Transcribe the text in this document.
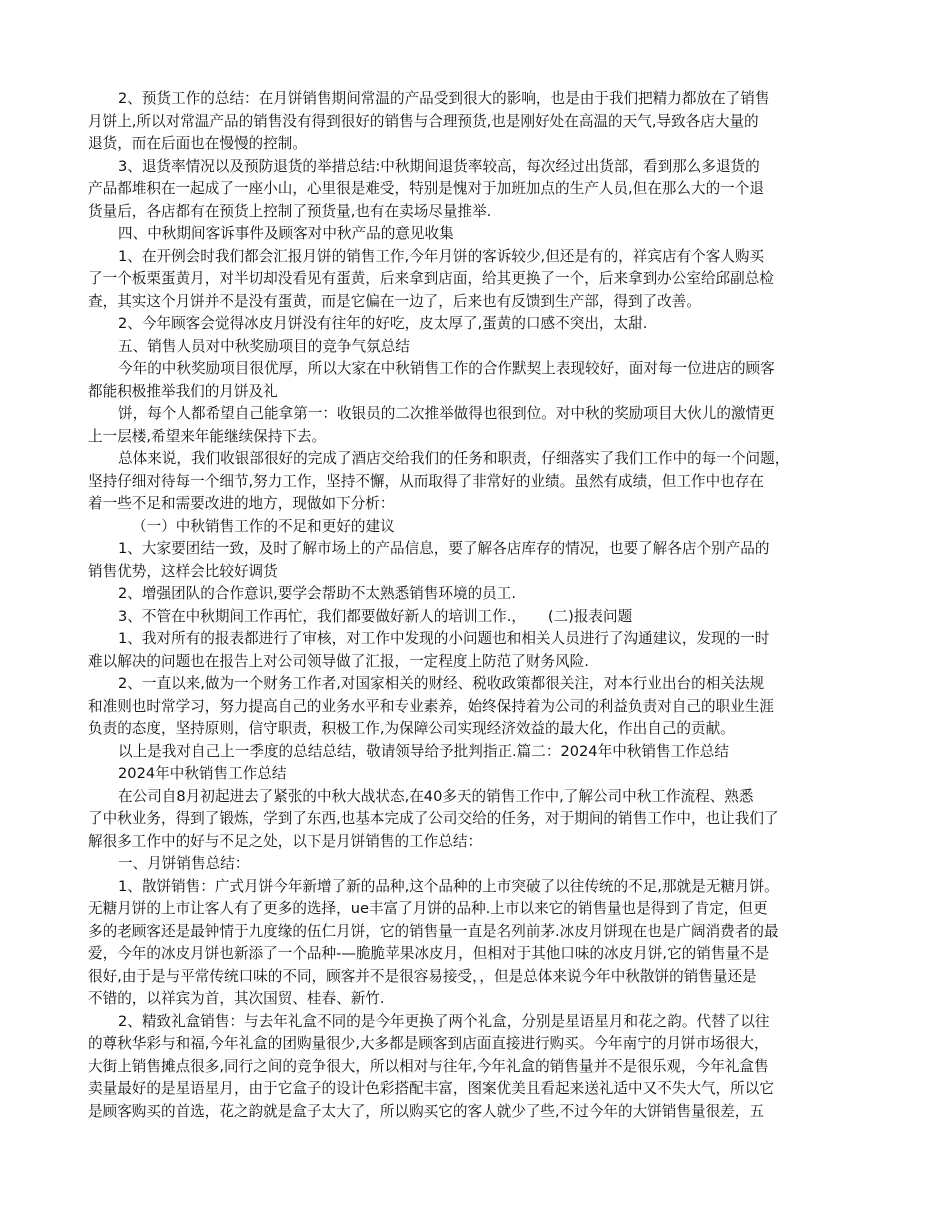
2、预货工作的总结：在月饼销售期间常温的产品受到很大的影响，也是由于我们把精力都放在了销售
月饼上,所以对常温产品的销售没有得到很好的销售与合理预货,也是刚好处在高温的天气,导致各店大量的
退货，而在后面也在慢慢的控制。
3、退货率情况以及预防退货的举措总结:中秋期间退货率较高，每次经过出货部，看到那么多退货的
产品都堆积在一起成了一座小山，心里很是难受，特别是愧对于加班加点的生产人员,但在那么大的一个退
货量后，各店都有在预货上控制了预货量,也有在卖场尽量推举.
四、中秋期间客诉事件及顾客对中秋产品的意见收集
1、在开例会时我们都会汇报月饼的销售工作,今年月饼的客诉较少,但还是有的，祥宾店有个客人购买
了一个板栗蛋黄月，对半切却没看见有蛋黄，后来拿到店面，给其更换了一个，后来拿到办公室给邱副总检
查，其实这个月饼并不是没有蛋黄，而是它偏在一边了，后来也有反馈到生产部，得到了改善。
2、今年顾客会觉得冰皮月饼没有往年的好吃，皮太厚了,蛋黄的口感不突出，太甜.
五、销售人员对中秋奖励项目的竞争气氛总结
今年的中秋奖励项目很优厚，所以大家在中秋销售工作的合作默契上表现较好，面对每一位进店的顾客
都能积极推举我们的月饼及礼
饼，每个人都希望自己能拿第一：收银员的二次推举做得也很到位。对中秋的奖励项目大伙儿的激情更
上一层楼,希望来年能继续保持下去。
总体来说，我们收银部很好的完成了酒店交给我们的任务和职责，仔细落实了我们工作中的每一个问题，
坚持仔细对待每一个细节,努力工作，坚持不懈，从而取得了非常好的业绩。虽然有成绩，但工作中也存在
着一些不足和需要改进的地方，现做如下分析：
（一）中秋销售工作的不足和更好的建议
1、大家要团结一致，及时了解市场上的产品信息，要了解各店库存的情况，也要了解各店个别产品的
销售优势，这样会比较好调货
2、增强团队的合作意识,要学会帮助不太熟悉销售环境的员工.
3、不管在中秋期间工作再忙，我们都要做好新人的培训工作.，　　(二)报表问题
1、我对所有的报表都进行了审核，对工作中发现的小问题也和相关人员进行了沟通建议，发现的一时
难以解决的问题也在报告上对公司领导做了汇报，一定程度上防范了财务风险.
2、一直以来,做为一个财务工作者,对国家相关的财经、税收政策都很关注，对本行业出台的相关法规
和准则也时常学习，努力提高自己的业务水平和专业素养，始终保持着为公司的利益负责对自己的职业生涯
负责的态度，坚持原则，信守职责，积极工作,为保障公司实现经济效益的最大化，作出自己的贡献。
以上是我对自己上一季度的总结总结，敬请领导给予批判指正.篇二：2024年中秋销售工作总结
2024年中秋销售工作总结
在公司自8月初起进去了紧张的中秋大战状态,在40多天的销售工作中,了解公司中秋工作流程、熟悉
了中秋业务，得到了锻炼，学到了东西,也基本完成了公司交给的任务，对于期间的销售工作中，也让我们了
解很多工作中的好与不足之处，以下是月饼销售的工作总结：
一、月饼销售总结：
1、散饼销售：广式月饼今年新增了新的品种,这个品种的上市突破了以往传统的不足,那就是无糖月饼。
无糖月饼的上市让客人有了更多的选择，ue丰富了月饼的品种.上市以来它的销售量也是得到了肯定，但更
多的老顾客还是最钟情于九度缘的伍仁月饼，它的销售量一直是名列前茅.冰皮月饼现在也是广阔消费者的最
爱，今年的冰皮月饼也新添了一个品种-—脆脆苹果冰皮月，但相对于其他口味的冰皮月饼,它的销售量不是
很好,由于是与平常传统口味的不同，顾客并不是很容易接受，，但是总体来说今年中秋散饼的销售量还是
不错的，以祥宾为首，其次国贸、桂春、新竹.
2、精致礼盒销售：与去年礼盒不同的是今年更换了两个礼盒，分别是星语星月和花之韵。代替了以往
的尊秋华彩与和福,今年礼盒的团购量很少,大多都是顾客到店面直接进行购买。今年南宁的月饼市场很大，
大街上销售摊点很多,同行之间的竞争很大，所以相对与往年,今年礼盒的销售量并不是很乐观，今年礼盒售
卖量最好的是星语星月，由于它盒子的设计色彩搭配丰富，图案优美且看起来送礼适中又不失大气，所以它
是顾客购买的首选，花之韵就是盒子太大了，所以购买它的客人就少了些,不过今年的大饼销售量很差，五
